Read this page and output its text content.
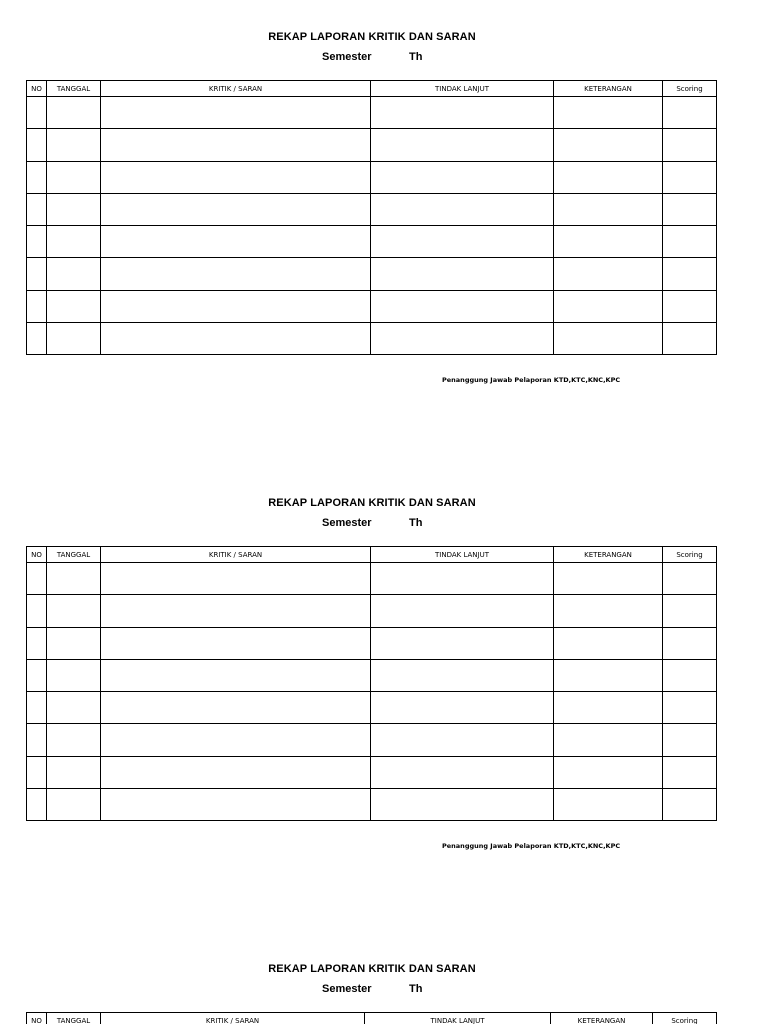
REKAP LAPORAN KRITIK DAN SARAN
Semester	Th
NO	TANGGAL	KRITIK / SARAN	TINDAK LANJUT	KETERANGAN	Scoring

Penanggung Jawab Pelaporan KTD,KTC,KNC,KPC
REKAP LAPORAN KRITIK DAN SARAN
Semester	Th
NO	TANGGAL	KRITIK / SARAN	TINDAK LANJUT	KETERANGAN	Scoring

Penanggung Jawab Pelaporan KTD,KTC,KNC,KPC
REKAP LAPORAN KRITIK DAN SARAN
Semester	Th
NO	TANGGAL	KRITIK / SARAN	TINDAK LANJUT	KETERANGAN	Scoring
